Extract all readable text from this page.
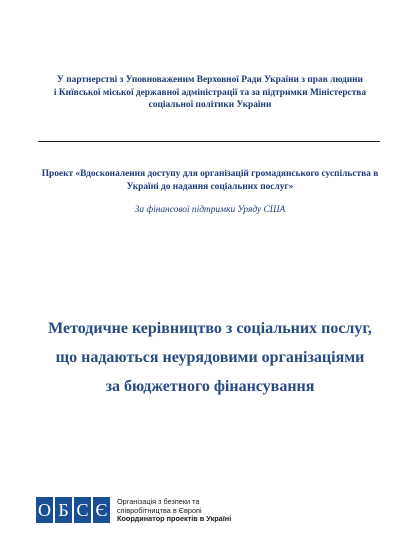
У партнерстві з Уповноваженим Верховної Ради України з прав людини
і Київської міської державної адміністрації та за підтримки Міністерства
соціальної політики України
Проект «Вдосконалення доступу для організацій громадянського суспільства в
Україні до надання соціальних послуг»
За фінансової підтримки Уряду США
Методичне керівництво з соціальних послуг,
що надаються неурядовими організаціями
за бюджетного фінансування
О Б С Є	Організація з безпеки та
співробітництва в Європі
Координатор проектів в Україні
